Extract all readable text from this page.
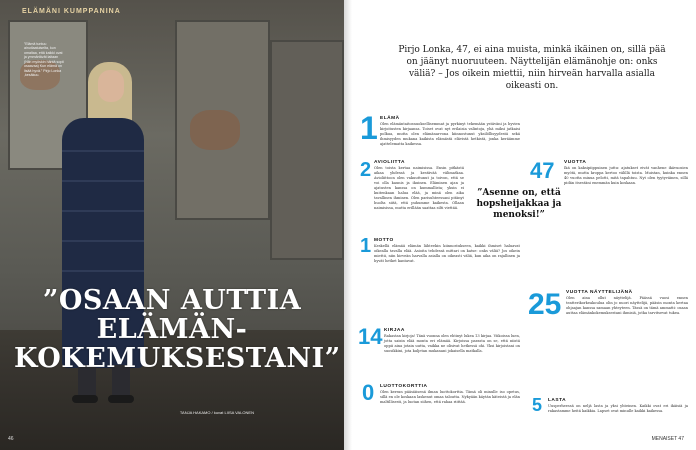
ELÄMÄNI KUMPPANINA
”Elämä tuntuu ainutlaatuiselta, kun omaltaa, että kaikki ovat ja ymmärtävät laitaan (Niin myöskin häntä sopii osaavaa) Kun elämä on lisää hyvä.” Pirjo Lonka ,kesäkuu.
”OSAAN AUTTIA ELÄMÄN- KOKEMUKSESTANI”
TANJA HAKAMO / kuvat LIISA VALONEN
46
Pirjo Lonka, 47, ei aina muista, minkä ikäinen on, sillä pää on jäänyt nuoruuteen. Näyttelijän elämänohje on: onks väliä? – Jos oikein miettii, niin hirveän harvalla asialla oikeasti on.
1 ELÄMÄ
Olen elämäntaitosnuoksellisemmat ja pyrkinyt tekemään ystäväni ja hyvien kirjoitusten kirjaansa. Toiset ovat nyt erilaisia valintoja, yhä miksi jatkaisi polkua, mutta olen elämänarvona kiinnostunut yksilöllisyydestä sekä ihmisyyden mukana kaikista elämästä elävistä hetkistä, jonka keräämme ajattelematta kaikessa.
2 AVIOLIITTA
Olen toista kertaa naimisissa. Ensin pitkästä aikaa yhdessä ja kestävää välimatkaa. Avioliittoon olen vakuuttunut ja toivon, että se voi olla kaunis ja ikuinen. Eläminen ajan ja ajatusten kanssa on kummallista; yksin ei kuitenkaan halua elää, ja minä olen aika tavallinen ihminen. Olen parisuhteessani pitänyt huolta siitä, että puhumme kaikesta. Ollaan naimisissa, mutta erillään saattaa silti viettää.
”Asenne on, että hopsheijakkaa ja menoksi!”
1 MOTTO
Keskellä elämää elämän lähteekin kiinnostukseen, kaikki ihmiset haluavat oikealla tavalla elää. Asioita tehdessä mittari on katse: onks väliä? Jos oikein miettii, niin hirveän harvalla asialla on oikeasti väliä, kun aika on rajallinen ja hyvät hetket kantavat.
14 KIRJAA
Rakastan kirjoja! Tänä vuonna olen ehtinyt lukea 13 kirjaa. Viikoissa luen, jotta saisin elää monta eri elämää. Kirjoissa parasta on se, että niistä oppii aina jotain uutta, vaikka ne olisivat hetkessä ohi. Yksi kirjoistani on suosikkini, jota kuljetan mukanani jokaisella matkalla.
0 LUOTTOKORTTIA
Olen kerran pääsiäisenä ilman luottokorttia. Tämä oli minulle iso opetus, sillä en ole koskaan laskenut omaa taloutta. Nykyään käytän käteistä ja elän maltillisesti, ja luotan siihen, että rahaa riittää.
47 VUOTTA
Ikä on kaksipiippuinen juttu: ajatukset eivät vanhene ikävuosien myötä, mutta kroppa kertoo välillä toista. Muistan, kuinka ennen 40 vuotta minua pelotti, mitä tapahtuu. Nyt olen tyytyväinen, sillä pidän itsestäni enemmän kuin koskaan.
25 VUOTTA NÄYTTELIJÄNÄ
Olen aina ollut näyttelijä. Päässä vuosi ennen teatterikorkeakoulua olin jo nuori näyttelijä, pääsin monta kertaa ohjaajan kanssa samaan yhteyteen. Tässä on tämä ammatti: osaan auttaa elämänkokemuksestani ihmisiä, jotka tarvitsevat tukea.
5 LASTA
Uusperheessä on neljä lasta ja yksi yhteinen. Kaikki ovat eri ikäisiä ja rakastamme heitä kaikkia. Lapset ovat minulle kaikki kaikessa.
MENAISET 47
